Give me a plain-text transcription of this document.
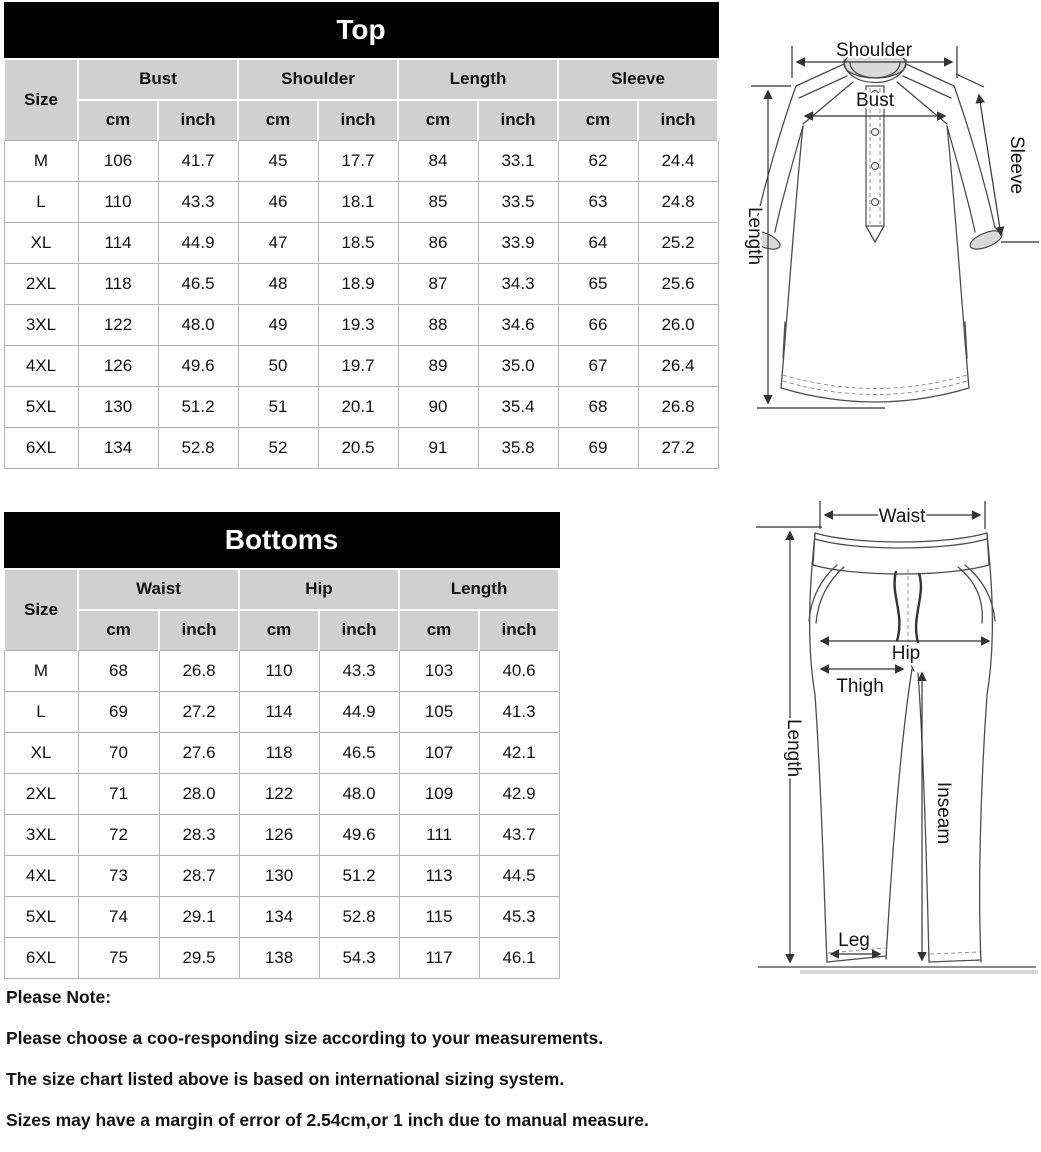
Top								
Size	Bust		Shoulder		Length		Sleeve	
	cm	inch	cm	inch	cm	inch	cm	inch
M	106	41.7	45	17.7	84	33.1	62	24.4
L	110	43.3	46	18.1	85	33.5	63	24.8
XL	114	44.9	47	18.5	86	33.9	64	25.2
2XL	118	46.5	48	18.9	87	34.3	65	25.6
3XL	122	48.0	49	19.3	88	34.6	66	26.0
4XL	126	49.6	50	19.7	89	35.0	67	26.4
5XL	130	51.2	51	20.1	90	35.4	68	26.8
6XL	134	52.8	52	20.5	91	35.8	69	27.2
Bottoms						
Size	Waist		Hip		Length	
	cm	inch	cm	inch	cm	inch
M	68	26.8	110	43.3	103	40.6
L	69	27.2	114	44.9	105	41.3
XL	70	27.6	118	46.5	107	42.1
2XL	71	28.0	122	48.0	109	42.9
3XL	72	28.3	126	49.6	111	43.7
4XL	73	28.7	130	51.2	113	44.5
5XL	74	29.1	134	52.8	115	45.3
6XL	75	29.5	138	54.3	117	46.1

Please Note:

Please choose a coo-responding size according to your measurements.

The size chart listed above is based on international sizing system.

Sizes may have a margin of error of 2.54cm,or 1 inch due to manual measure.

Shoulder
Bust
Length
Sleeve
Waist
Length
Hip
Thigh
Inseam
Leg
